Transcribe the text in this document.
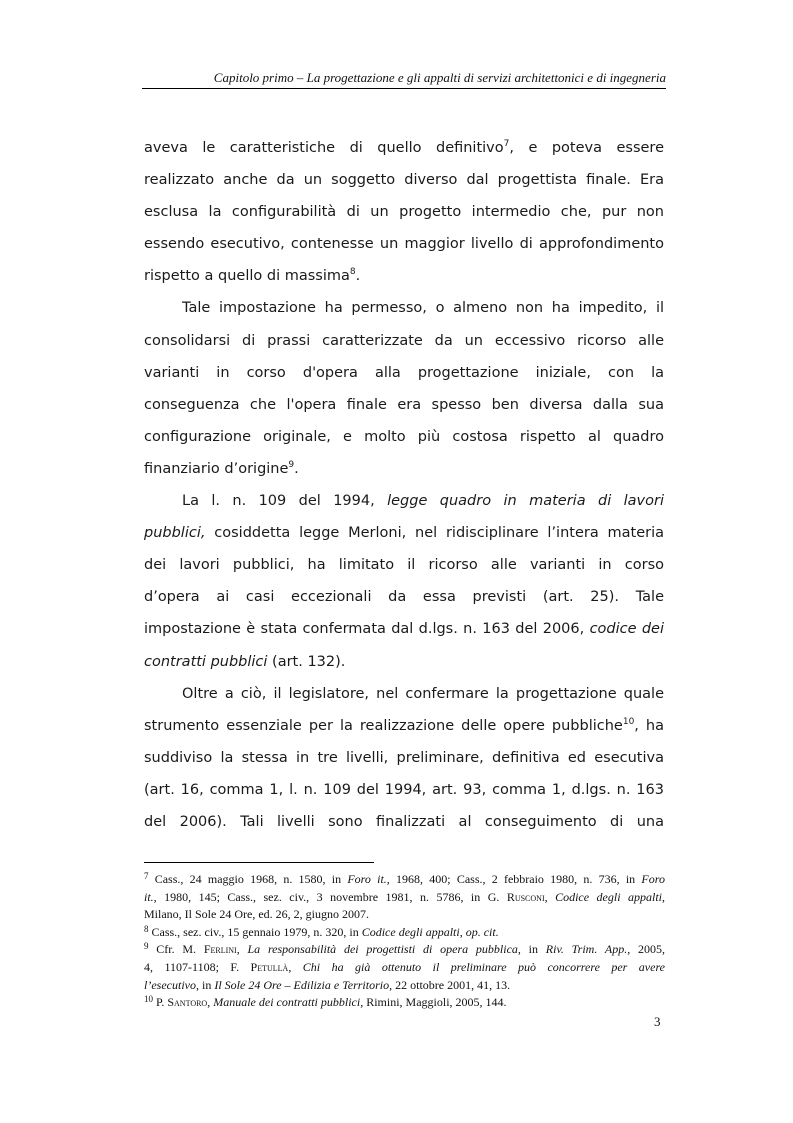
Capitolo primo – La progettazione e gli appalti di servizi architettonici e di ingegneria
aveva le caratteristiche di quello definitivo$^7$, e poteva essere
realizzato anche da un soggetto diverso dal progettista finale. Era
esclusa la configurabilità di un progetto intermedio che, pur non
essendo esecutivo, contenesse un maggior livello di approfondimento
rispetto a quello di massima$^8$.
Tale impostazione ha permesso, o almeno non ha impedito, il
consolidarsi di prassi caratterizzate da un eccessivo ricorso alle
varianti in corso d'opera alla progettazione iniziale, con la
conseguenza che l'opera finale era spesso ben diversa dalla sua
configurazione originale, e molto più costosa rispetto al quadro
finanziario d’origine$^9$.
La l. n. 109 del 1994, legge quadro in materia di lavori
pubblici, cosiddetta legge Merloni, nel ridisciplinare l’intera materia
dei lavori pubblici, ha limitato il ricorso alle varianti in corso
d’opera ai casi eccezionali da essa previsti (art. 25). Tale
impostazione è stata confermata dal d.lgs. n. 163 del 2006, codice dei
contratti pubblici (art. 132).
Oltre a ciò, il legislatore, nel confermare la progettazione quale
strumento essenziale per la realizzazione delle opere pubbliche$^{10}$, ha
suddiviso la stessa in tre livelli, preliminare, definitiva ed esecutiva
(art. 16, comma 1, l. n. 109 del 1994, art. 93, comma 1, d.lgs. n. 163
del 2006). Tali livelli sono finalizzati al conseguimento di una
$^7$ Cass., 24 maggio 1968, n. 1580, in Foro it., 1968, 400; Cass., 2 febbraio 1980, n. 736, in Foro
it., 1980, 145; Cass., sez. civ., 3 novembre 1981, n. 5786, in G. Rusconi, Codice degli appalti,
Milano, Il Sole 24 Ore, ed. 26, 2, giugno 2007.
$^8$ Cass., sez. civ., 15 gennaio 1979, n. 320, in Codice degli appalti, op. cit.
$^9$ Cfr. M. Ferlini, La responsabilità dei progettisti di opera pubblica, in Riv. Trim. App., 2005,
4, 1107-1108; F. Petullà, Chi ha già ottenuto il preliminare può concorrere per avere
l’esecutivo, in Il Sole 24 Ore – Edilizia e Territorio, 22 ottobre 2001, 41, 13.
$^{10}$ P. Santoro, Manuale dei contratti pubblici, Rimini, Maggioli, 2005, 144.
3
